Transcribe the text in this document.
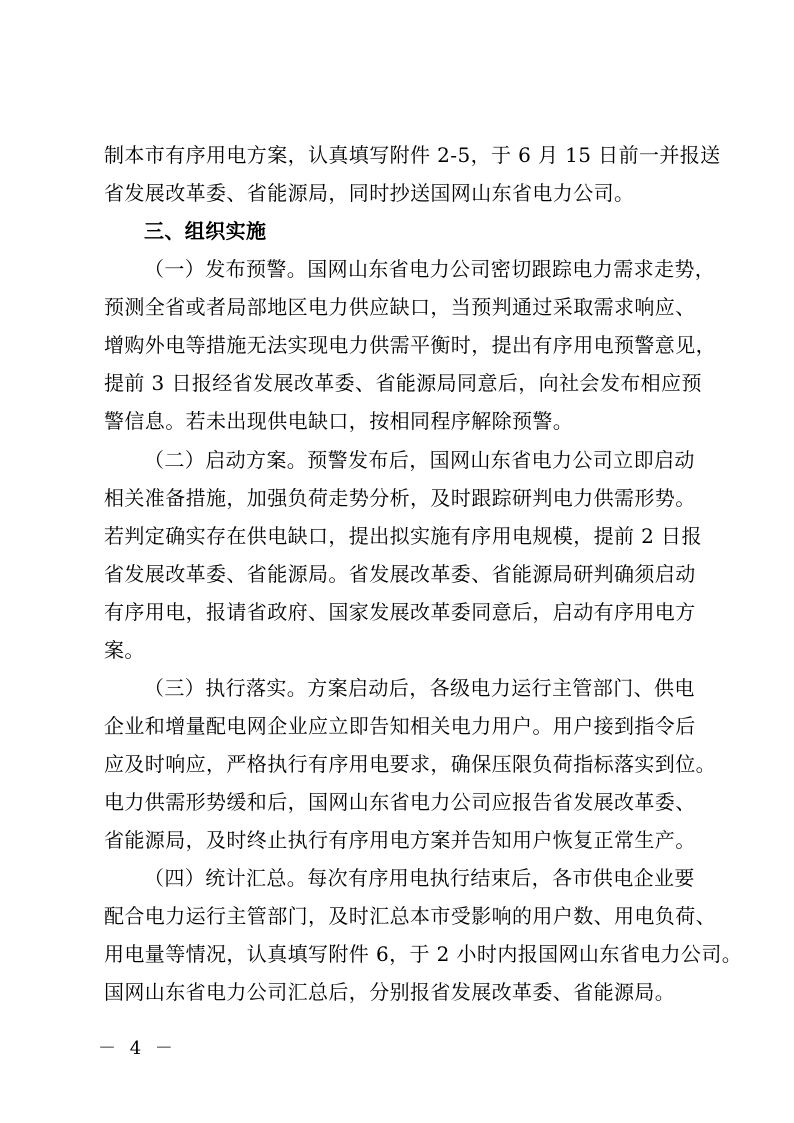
制本市有序用电方案，认真填写附件 2-5，于 6 月 15 日前一并报送
省发展改革委、省能源局，同时抄送国网山东省电力公司。
三、组织实施
（一）发布预警。国网山东省电力公司密切跟踪电力需求走势，
预测全省或者局部地区电力供应缺口，当预判通过采取需求响应、
增购外电等措施无法实现电力供需平衡时，提出有序用电预警意见，
提前 3 日报经省发展改革委、省能源局同意后，向社会发布相应预
警信息。若未出现供电缺口，按相同程序解除预警。
（二）启动方案。预警发布后，国网山东省电力公司立即启动
相关准备措施，加强负荷走势分析，及时跟踪研判电力供需形势。
若判定确实存在供电缺口，提出拟实施有序用电规模，提前 2 日报
省发展改革委、省能源局。省发展改革委、省能源局研判确须启动
有序用电，报请省政府、国家发展改革委同意后，启动有序用电方
案。
（三）执行落实。方案启动后，各级电力运行主管部门、供电
企业和增量配电网企业应立即告知相关电力用户。用户接到指令后
应及时响应，严格执行有序用电要求，确保压限负荷指标落实到位。
电力供需形势缓和后，国网山东省电力公司应报告省发展改革委、
省能源局，及时终止执行有序用电方案并告知用户恢复正常生产。
（四）统计汇总。每次有序用电执行结束后，各市供电企业要
配合电力运行主管部门，及时汇总本市受影响的用户数、用电负荷、
用电量等情况，认真填写附件 6，于 2 小时内报国网山东省电力公司。
国网山东省电力公司汇总后，分别报省发展改革委、省能源局。
－ 4 －
